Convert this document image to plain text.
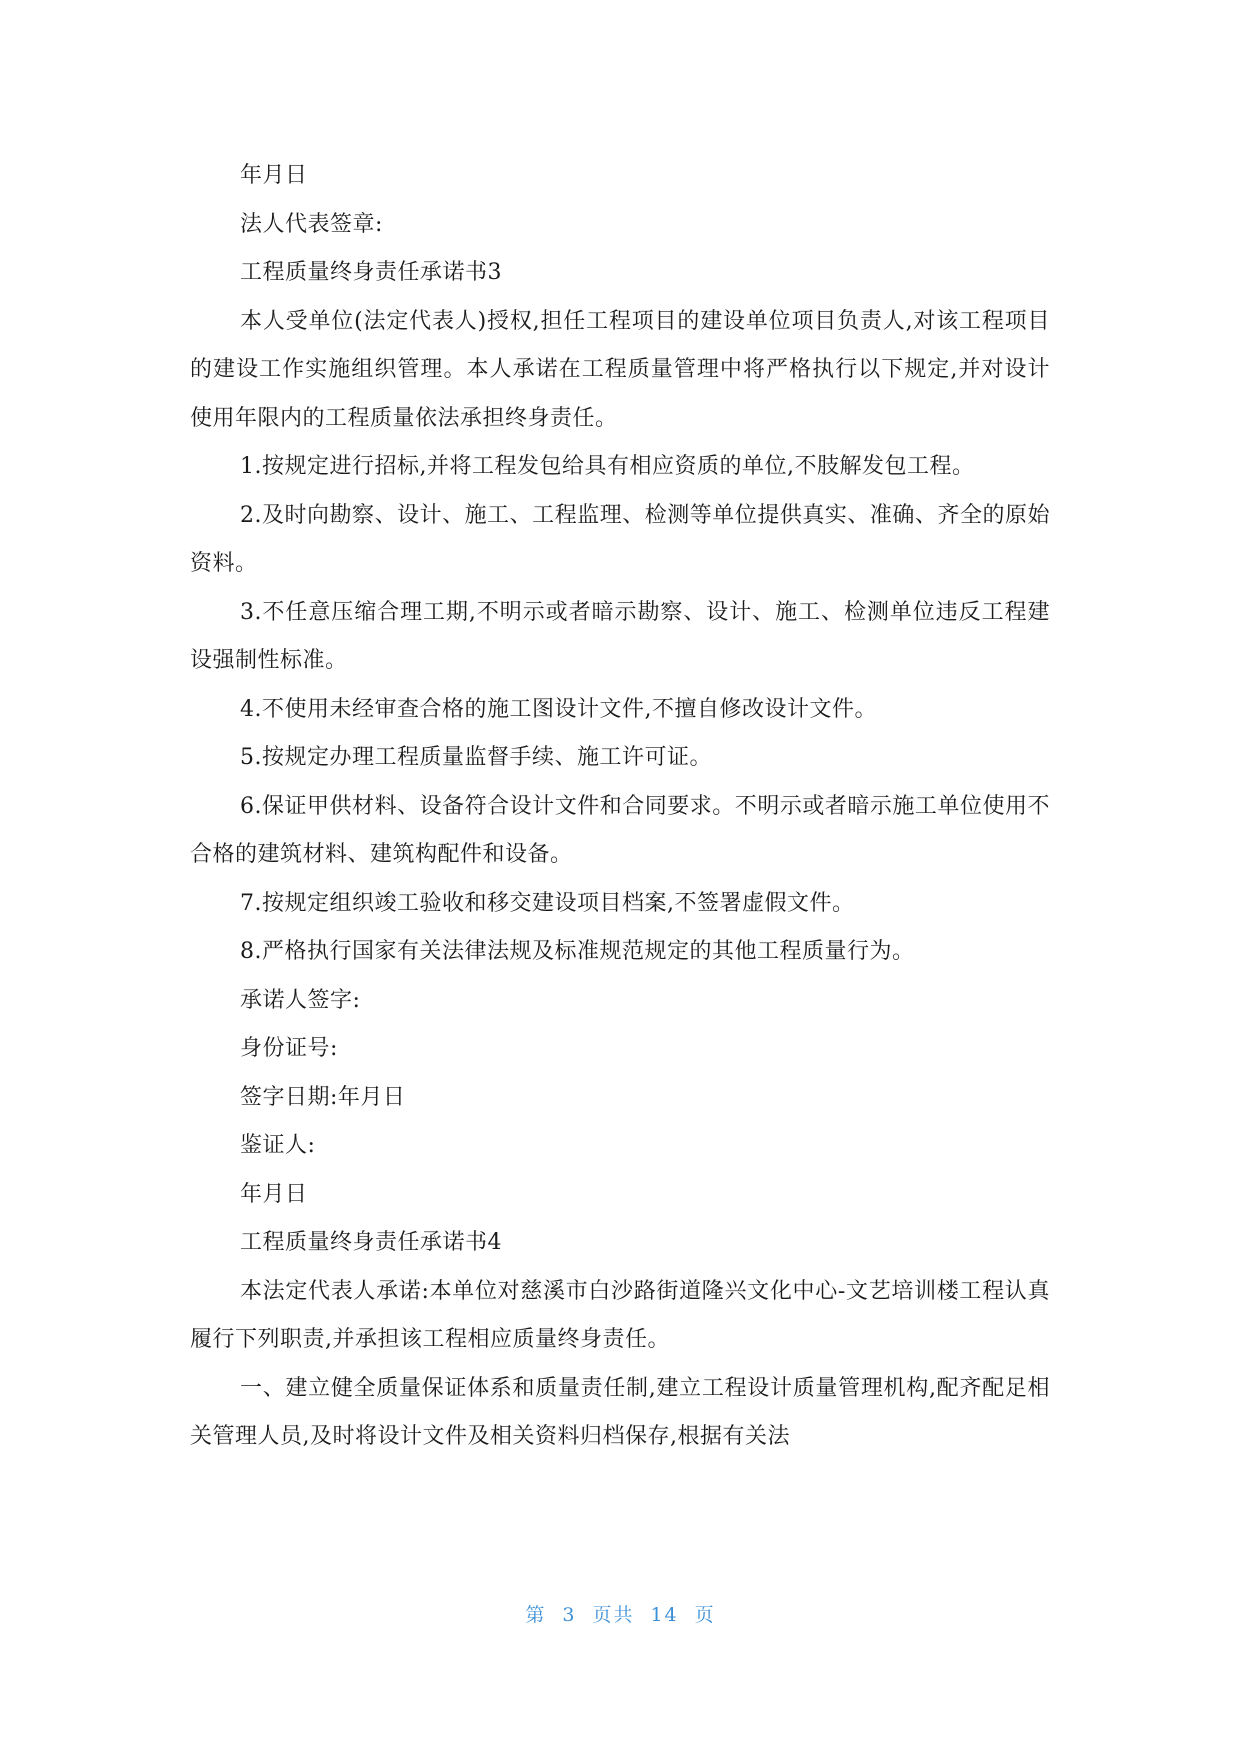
年月日

法人代表签章:

工程质量终身责任承诺书3

本人受单位(法定代表人)授权,担任工程项目的建设单位项目负责人,对该工程项目的建设工作实施组织管理。本人承诺在工程质量管理中将严格执行以下规定,并对设计使用年限内的工程质量依法承担终身责任。

1.按规定进行招标,并将工程发包给具有相应资质的单位,不肢解发包工程。

2.及时向勘察、设计、施工、工程监理、检测等单位提供真实、准确、齐全的原始资料。

3.不任意压缩合理工期,不明示或者暗示勘察、设计、施工、检测单位违反工程建设强制性标准。

4.不使用未经审查合格的施工图设计文件,不擅自修改设计文件。

5.按规定办理工程质量监督手续、施工许可证。

6.保证甲供材料、设备符合设计文件和合同要求。不明示或者暗示施工单位使用不合格的建筑材料、建筑构配件和设备。

7.按规定组织竣工验收和移交建设项目档案,不签署虚假文件。

8.严格执行国家有关法律法规及标准规范规定的其他工程质量行为。

承诺人签字:

身份证号:

签字日期:年月日

鉴证人:

年月日

工程质量终身责任承诺书4

本法定代表人承诺:本单位对慈溪市白沙路街道隆兴文化中心-文艺培训楼工程认真履行下列职责,并承担该工程相应质量终身责任。

一、建立健全质量保证体系和质量责任制,建立工程设计质量管理机构,配齐配足相关管理人员,及时将设计文件及相关资料归档保存,根据有关法

第 3 页共 14 页
